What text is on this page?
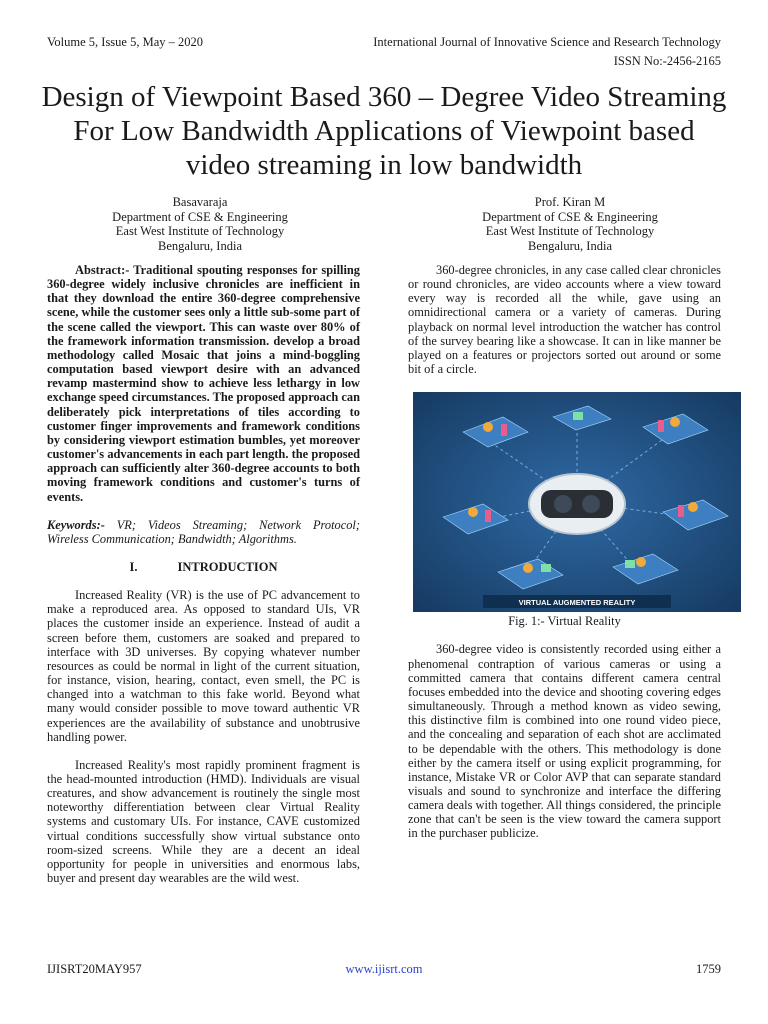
Volume 5, Issue 5, May – 2020	International Journal of Innovative Science and Research Technology
ISSN No:-2456-2165
Design of Viewpoint Based 360 – Degree Video Streaming For Low Bandwidth Applications of Viewpoint based video streaming in low bandwidth
Basavaraja
Department of CSE & Engineering
East West Institute of Technology
Bengaluru, India
Prof. Kiran M
Department of CSE & Engineering
East West Institute of Technology
Bengaluru, India

Abstract:- Traditional spouting responses for spilling 360-degree widely inclusive chronicles are inefficient in that they download the entire 360-degree comprehensive scene, while the customer sees only a little sub-some part of the scene called the viewport. This can waste over 80% of the framework information transmission. develop a broad methodology called Mosaic that joins a mind-boggling computation based viewport desire with an advanced revamp mastermind show to achieve less lethargy in low exchange speed circumstances. The proposed approach can deliberately pick interpretations of tiles according to customer finger improvements and framework conditions by considering viewport estimation bumbles, yet moreover customer's advancements in each part length. the proposed approach can sufficiently alter 360-degree accounts to both moving framework conditions and customer's turns of events.

Keywords:- VR; Videos Streaming; Network Protocol; Wireless Communication; Bandwidth; Algorithms.

I.	INTRODUCTION

Increased Reality (VR) is the use of PC advancement to make a reproduced area. As opposed to standard UIs, VR places the customer inside an experience. Instead of audit a screen before them, customers are soaked and prepared to interface with 3D universes. By copying whatever number resources as could be normal in light of the current situation, for instance, vision, hearing, contact, even smell, the PC is changed into a watchman to this fake world. Beyond what many would consider possible to move toward authentic VR experiences are the availability of substance and unobtrusive handling power.

Increased Reality's most rapidly prominent fragment is the head-mounted introduction (HMD). Individuals are visual creatures, and show advancement is routinely the single most noteworthy differentiation between clear Virtual Reality systems and customary UIs. For instance, CAVE customized virtual conditions successfully show virtual substance onto room-sized screens. While they are a decent an ideal opportunity for people in universities and enormous labs, buyer and present day wearables are the wild west.

360-degree chronicles, in any case called clear chronicles or round chronicles, are video accounts where a view toward every way is recorded all the while, gave using an omnidirectional camera or a variety of cameras. During playback on normal level introduction the watcher has control of the survey bearing like a showcase. It can in like manner be played on a features or projectors sorted out around or some bit of a circle.

VIRTUAL AUGMENTED REALITY
Fig. 1:- Virtual Reality

360-degree video is consistently recorded using either a phenomenal contraption of various cameras or using a committed camera that contains different camera central focuses embedded into the device and shooting covering edges simultaneously. Through a method known as video sewing, this distinctive film is combined into one round video piece, and the concealing and separation of each shot are acclimated to be dependable with the others. This methodology is done either by the camera itself or using explicit programming, for instance, Mistake VR or Color AVP that can separate standard visuals and sound to synchronize and interface the differing camera deals with together. All things considered, the principle zone that can't be seen is the view toward the camera support in the purchaser publicize.

IJISRT20MAY957	www.ijisrt.com	1759
